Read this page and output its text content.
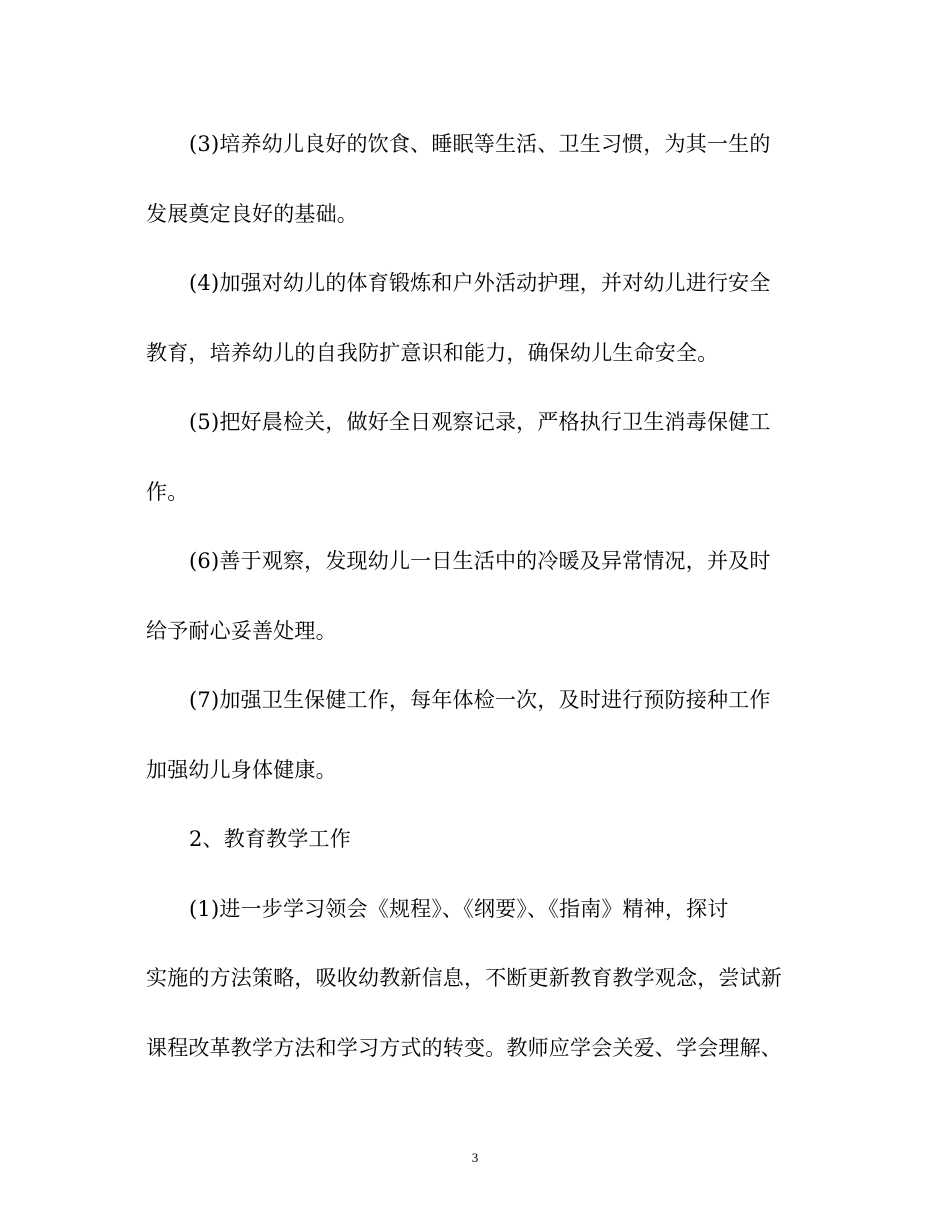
(3)培养幼儿良好的饮食、睡眠等生活、卫生习惯，为其一生的
发展奠定良好的基础。
(4)加强对幼儿的体育锻炼和户外活动护理，并对幼儿进行安全
教育，培养幼儿的自我防扩意识和能力，确保幼儿生命安全。
(5)把好晨检关，做好全日观察记录，严格执行卫生消毒保健工
作。
(6)善于观察，发现幼儿一日生活中的冷暖及异常情况，并及时
给予耐心妥善处理。
(7)加强卫生保健工作，每年体检一次，及时进行预防接种工作
加强幼儿身体健康。
2、教育教学工作
(1)进一步学习领会《规程》、《纲要》、《指南》精神，探讨
实施的方法策略，吸收幼教新信息，不断更新教育教学观念，尝试新
课程改革教学方法和学习方式的转变。教师应学会关爱、学会理解、
3
